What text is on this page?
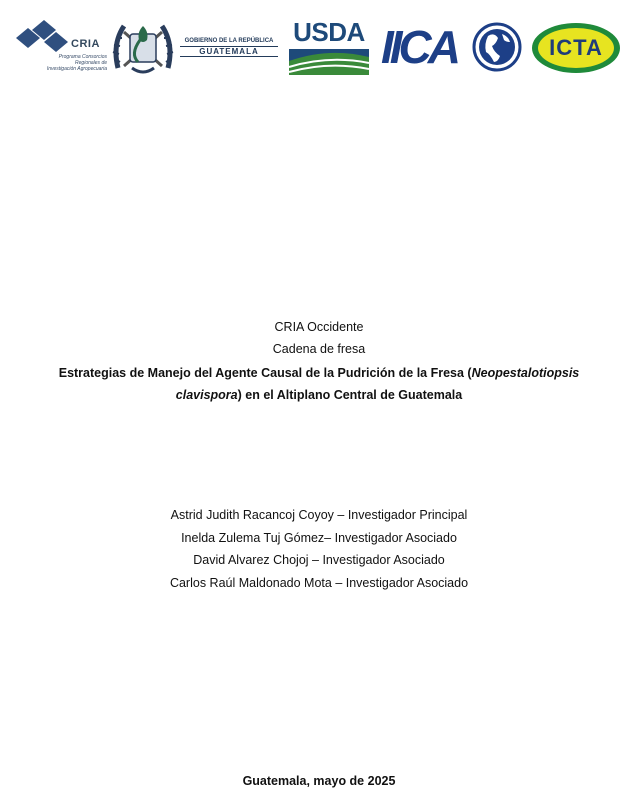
CRIA
Programa Consorcios
Regionales de
Investigación Agropecuaria
GOBIERNO DE LA REPÚBLICA
GUATEMALA
USDA IICA	ICTA
CRIA Occidente
Cadena de fresa
Estrategias de Manejo del Agente Causal de la Pudrición de la Fresa (Neopestalotiopsis
clavispora) en el Altiplano Central de Guatemala
Astrid Judith Racancoj Coyoy – Investigador Principal
Inelda Zulema Tuj Gómez– Investigador Asociado
David Alvarez Chojoj – Investigador Asociado
Carlos Raúl Maldonado Mota – Investigador Asociado
Guatemala, mayo de 2025
